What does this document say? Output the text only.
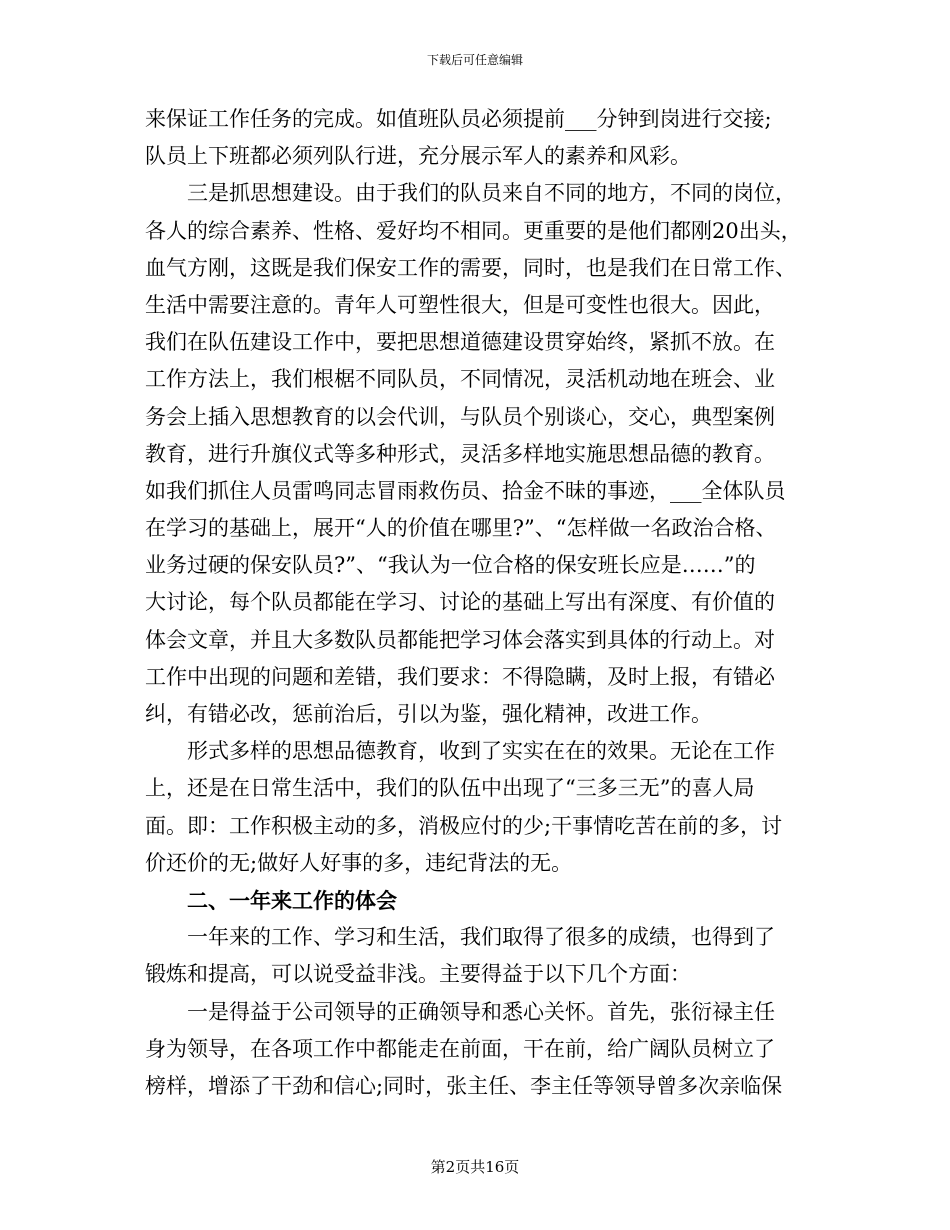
下载后可任意编辑
来保证工作任务的完成。如值班队员必须提前___分钟到岗进行交接;
队员上下班都必须列队行进，充分展示军人的素养和风彩。
三是抓思想建设。由于我们的队员来自不同的地方，不同的岗位，
各人的综合素养、性格、爱好均不相同。更重要的是他们都刚20出头，
血气方刚，这既是我们保安工作的需要，同时，也是我们在日常工作、
生活中需要注意的。青年人可塑性很大，但是可变性也很大。因此，
我们在队伍建设工作中，要把思想道德建设贯穿始终，紧抓不放。在
工作方法上，我们根椐不同队员，不同情况，灵活机动地在班会、业
务会上插入思想教育的以会代训，与队员个别谈心，交心，典型案例
教育，进行升旗仪式等多种形式，灵活多样地实施思想品德的教育。
如我们抓住人员雷鸣同志冒雨救伤员、拾金不昧的事迹，___全体队员
在学习的基础上，展开“人的价值在哪里?”、“怎样做一名政治合格、
业务过硬的保安队员?”、“我认为一位合格的保安班长应是……”的
大讨论，每个队员都能在学习、讨论的基础上写出有深度、有价值的
体会文章，并且大多数队员都能把学习体会落实到具体的行动上。对
工作中出现的问题和差错，我们要求：不得隐瞒，及时上报，有错必
纠，有错必改，惩前治后，引以为鉴，强化精神，改进工作。
形式多样的思想品德教育，收到了实实在在的效果。无论在工作
上，还是在日常生活中，我们的队伍中出现了“三多三无”的喜人局
面。即：工作积极主动的多，消极应付的少;干事情吃苦在前的多，讨
价还价的无;做好人好事的多，违纪背法的无。
二、一年来工作的体会
一年来的工作、学习和生活，我们取得了很多的成绩，也得到了
锻炼和提高，可以说受益非浅。主要得益于以下几个方面：
一是得益于公司领导的正确领导和悉心关怀。首先，张衍禄主任
身为领导，在各项工作中都能走在前面，干在前，给广阔队员树立了
榜样，增添了干劲和信心;同时，张主任、李主任等领导曾多次亲临保
第2页共16页
